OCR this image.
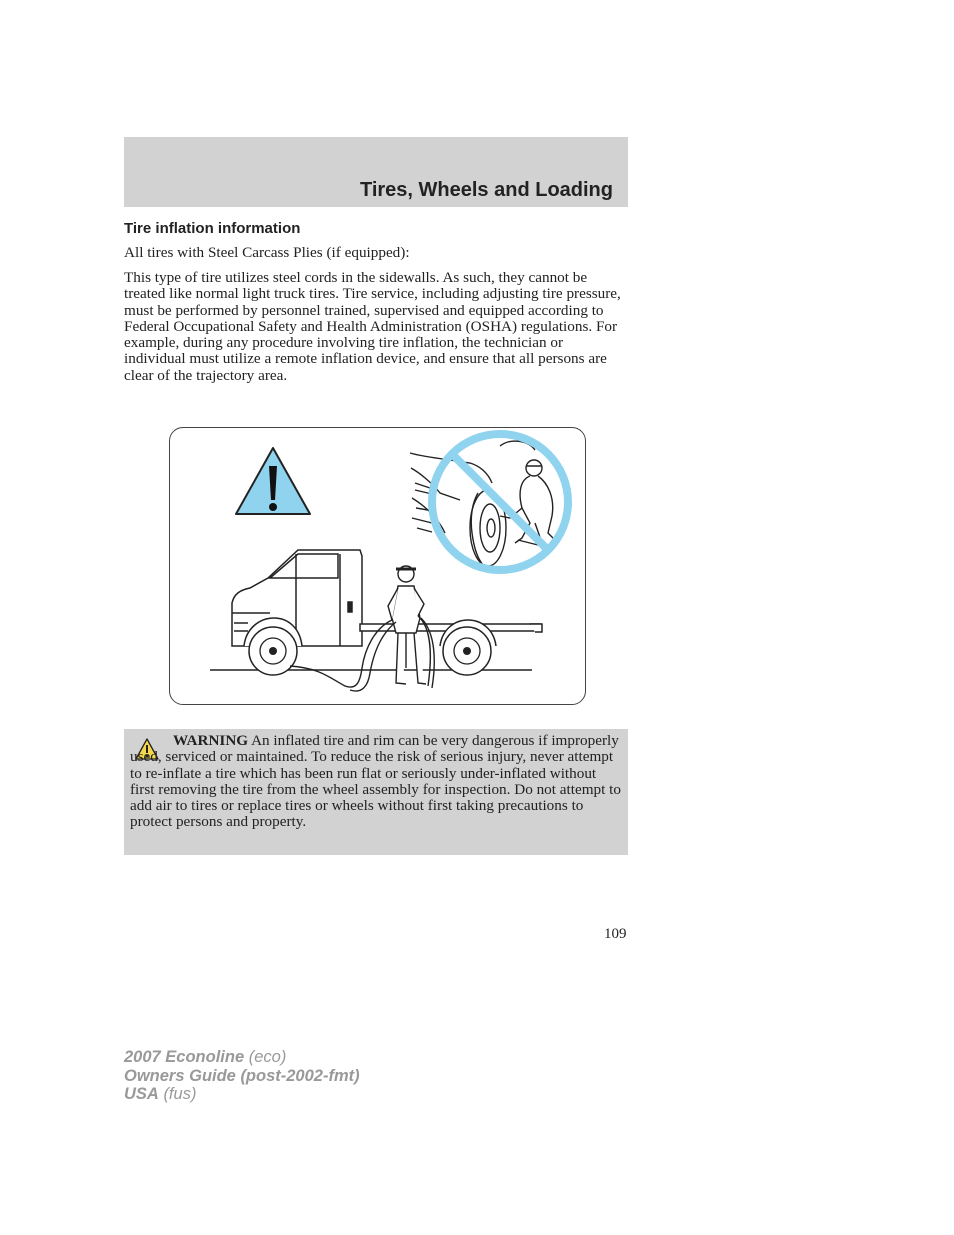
Tires, Wheels and Loading
Tire inflation information
All tires with Steel Carcass Plies (if equipped):
This type of tire utilizes steel cords in the sidewalls. As such, they cannot be treated like normal light truck tires. Tire service, including adjusting tire pressure, must be performed by personnel trained, supervised and equipped according to Federal Occupational Safety and Health Administration (OSHA) regulations. For example, during any procedure involving tire inflation, the technician or individual must utilize a remote inflation device, and ensure that all persons are clear of the trajectory area.
WARNING An inflated tire and rim can be very dangerous if improperly used, serviced or maintained. To reduce the risk of serious injury, never attempt to re-inflate a tire which has been run flat or seriously under-inflated without first removing the tire from the wheel assembly for inspection. Do not attempt to add air to tires or replace tires or wheels without first taking precautions to protect persons and property.
109
2007 Econoline (eco)
Owners Guide (post-2002-fmt)
USA (fus)
